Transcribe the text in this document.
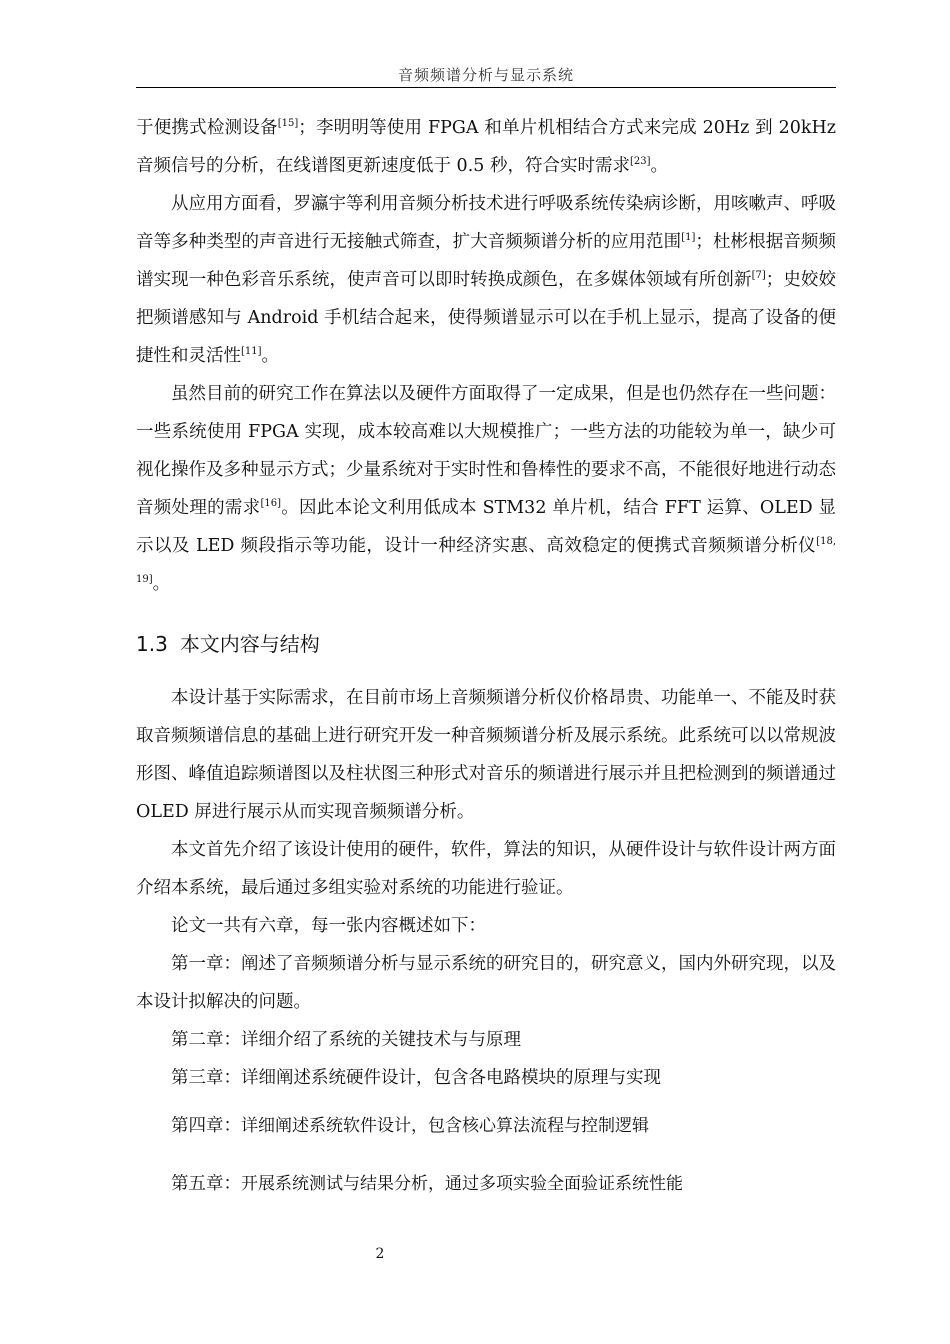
音频频谱分析与显示系统

于便携式检测设备[15]；李明明等使用 FPGA 和单片机相结合方式来完成 20Hz 到 20kHz 音频信号的分析，在线谱图更新速度低于 0.5 秒，符合实时需求[23]。

从应用方面看，罗瀛宇等利用音频分析技术进行呼吸系统传染病诊断，用咳嗽声、呼吸音等多种类型的声音进行无接触式筛查，扩大音频频谱分析的应用范围[1]；杜彬根据音频频谱实现一种色彩音乐系统，使声音可以即时转换成颜色，在多媒体领域有所创新[7]；史姣姣把频谱感知与 Android 手机结合起来，使得频谱显示可以在手机上显示，提高了设备的便捷性和灵活性[11]。

虽然目前的研究工作在算法以及硬件方面取得了一定成果，但是也仍然存在一些问题：一些系统使用 FPGA 实现，成本较高难以大规模推广；一些方法的功能较为单一，缺少可视化操作及多种显示方式；少量系统对于实时性和鲁棒性的要求不高，不能很好地进行动态音频处理的需求[16]。因此本论文利用低成本 STM32 单片机，结合 FFT 运算、OLED 显示以及 LED 频段指示等功能，设计一种经济实惠、高效稳定的便携式音频频谱分析仪[18, 19]。

1.3 本文内容与结构

本设计基于实际需求，在目前市场上音频频谱分析仪价格昂贵、功能单一、不能及时获取音频频谱信息的基础上进行研究开发一种音频频谱分析及展示系统。此系统可以以常规波形图、峰值追踪频谱图以及柱状图三种形式对音乐的频谱进行展示并且把检测到的频谱通过 OLED 屏进行展示从而实现音频频谱分析。

本文首先介绍了该设计使用的硬件，软件，算法的知识，从硬件设计与软件设计两方面介绍本系统，最后通过多组实验对系统的功能进行验证。

论文一共有六章，每一张内容概述如下：

第一章：阐述了音频频谱分析与显示系统的研究目的，研究意义，国内外研究现，以及本设计拟解决的问题。

第二章：详细介绍了系统的关键技术与与原理

第三章：详细阐述系统硬件设计，包含各电路模块的原理与实现

第四章：详细阐述系统软件设计，包含核心算法流程与控制逻辑

第五章：开展系统测试与结果分析，通过多项实验全面验证系统性能

2
